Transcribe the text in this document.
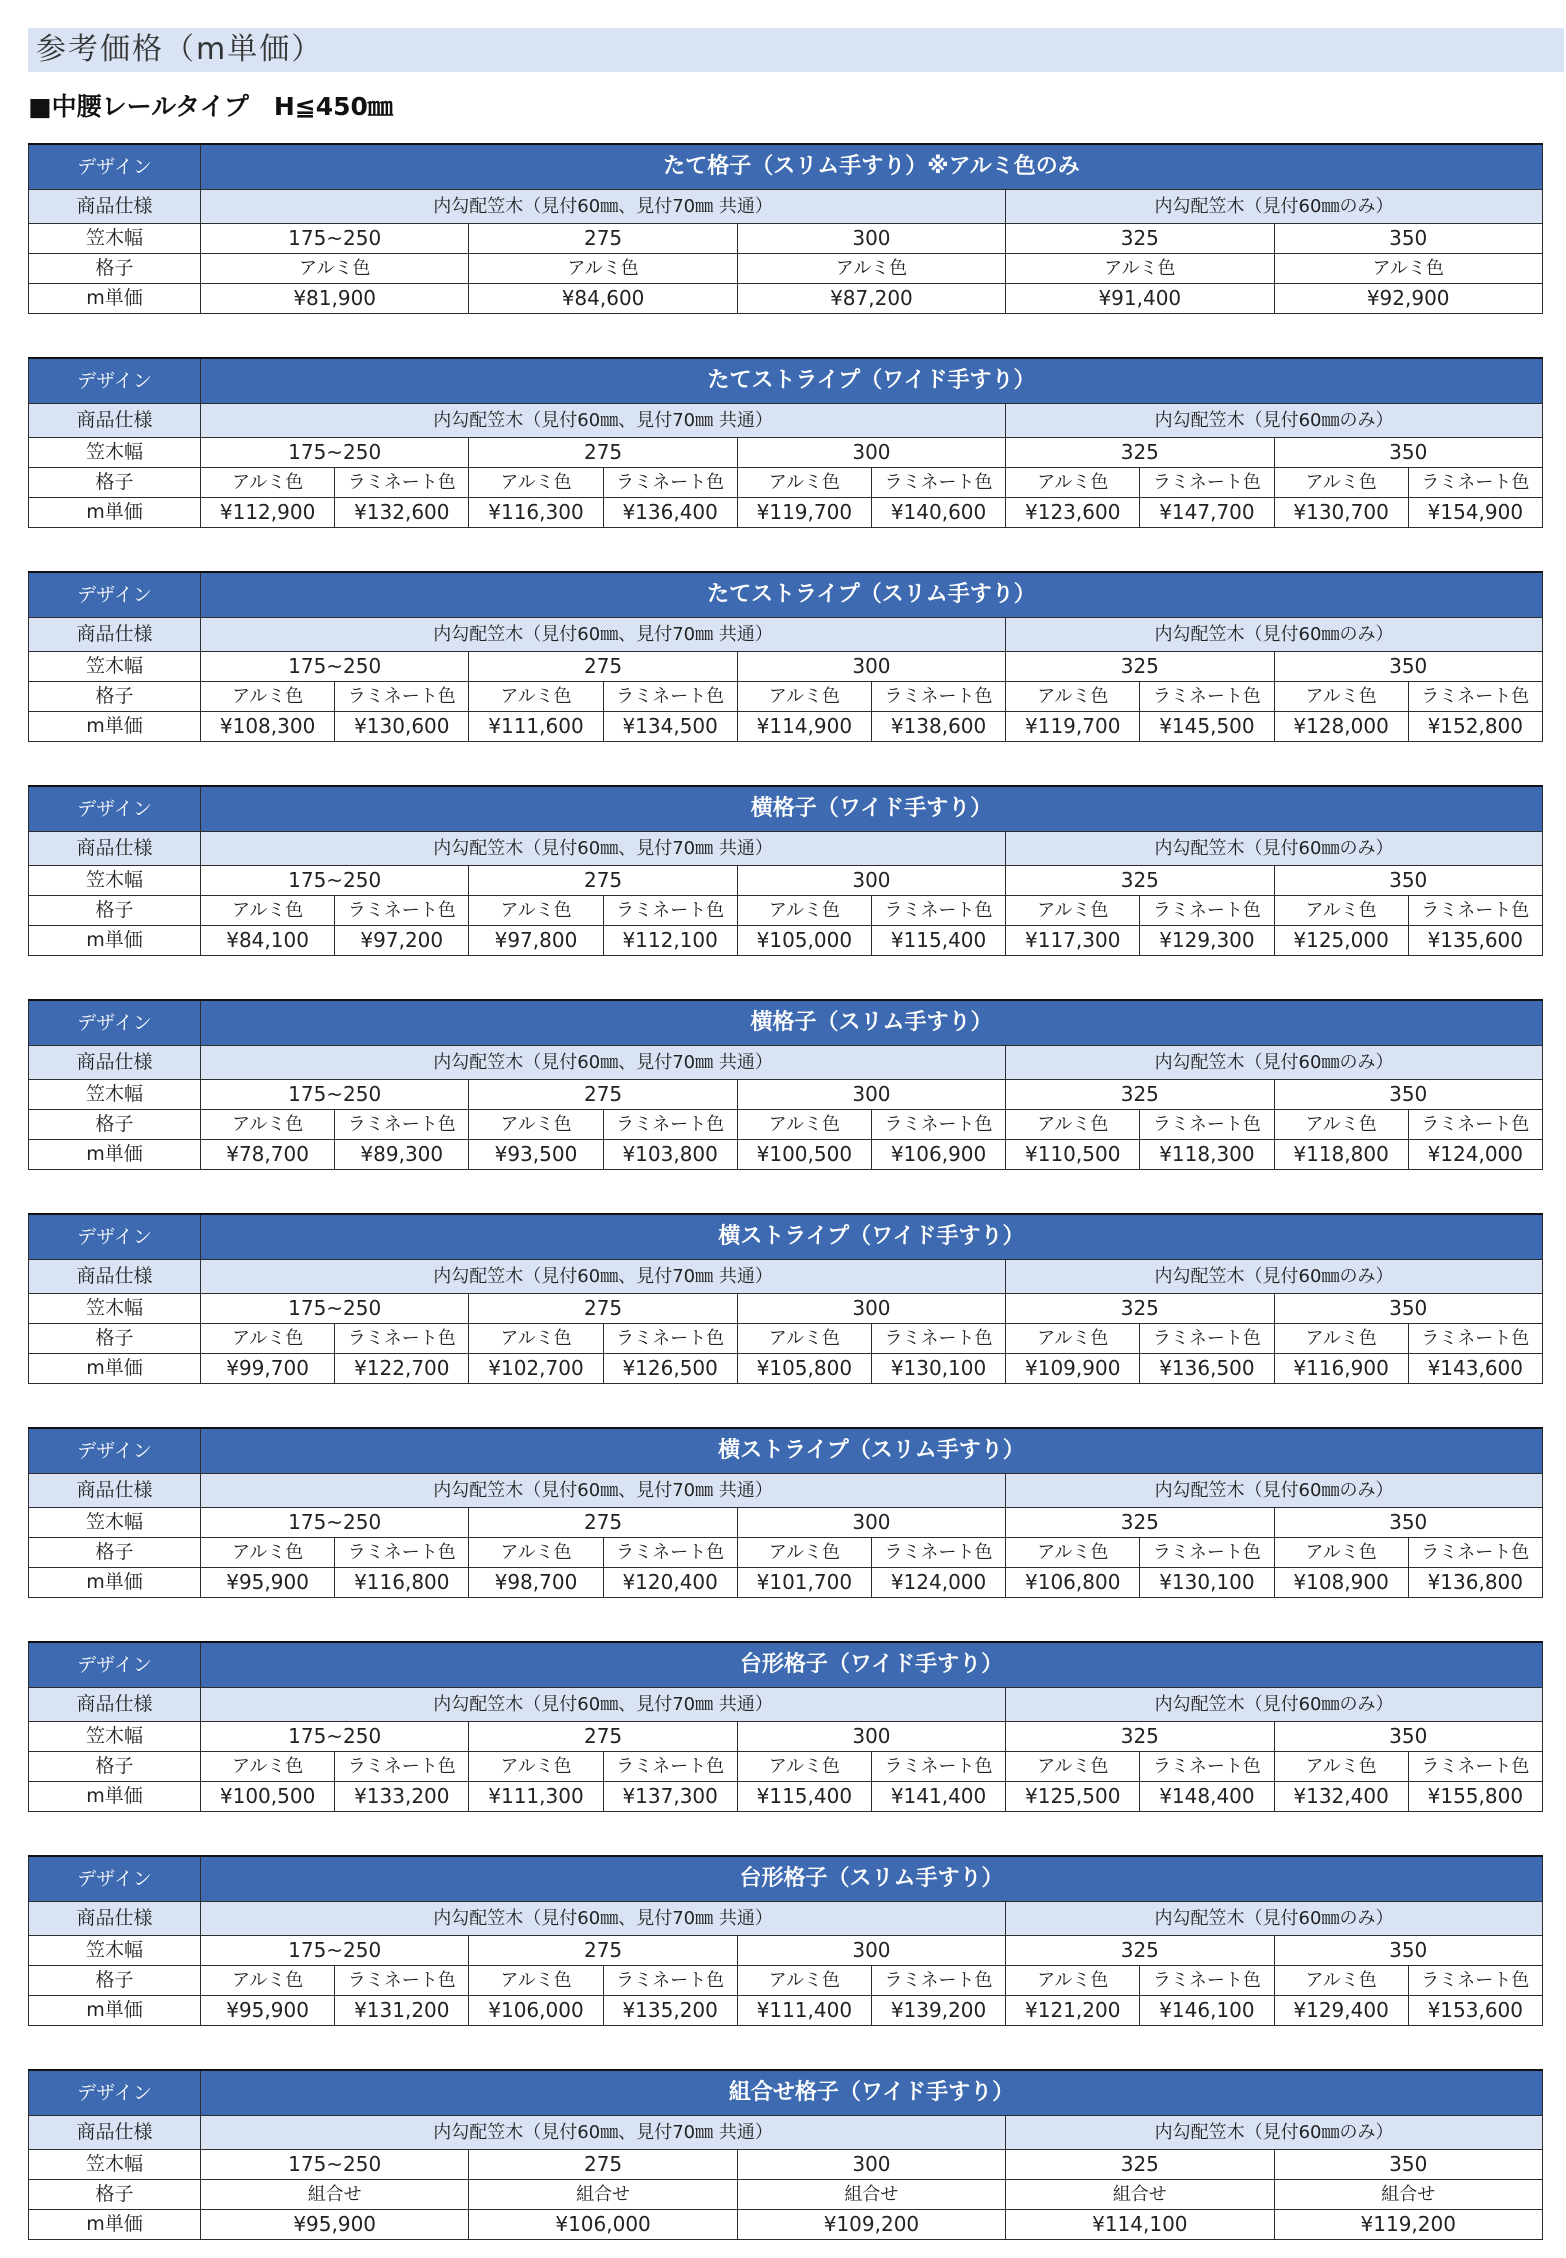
参考価格（m単価）
■中腰レールタイプ　H≦450㎜
デザイン	たて格子（スリム手すり）※アルミ色のみ				
商品仕様	内勾配笠木（見付60㎜、見付70㎜ 共通）			内勾配笠木（見付60㎜のみ）	
笠木幅	175~250	275	300	325	350
格子	アルミ色	アルミ色	アルミ色	アルミ色	アルミ色
m単価	¥81,900	¥84,600	¥87,200	¥91,400	¥92,900
デザイン	たてストライプ（ワイド手すり）									
商品仕様	内勾配笠木（見付60㎜、見付70㎜ 共通）						内勾配笠木（見付60㎜のみ）			
笠木幅	175~250		275		300		325		350	
格子	アルミ色	ラミネート色	アルミ色	ラミネート色	アルミ色	ラミネート色	アルミ色	ラミネート色	アルミ色	ラミネート色
m単価	¥112,900	¥132,600	¥116,300	¥136,400	¥119,700	¥140,600	¥123,600	¥147,700	¥130,700	¥154,900
デザイン	たてストライプ（スリム手すり）									
商品仕様	内勾配笠木（見付60㎜、見付70㎜ 共通）						内勾配笠木（見付60㎜のみ）			
笠木幅	175~250		275		300		325		350	
格子	アルミ色	ラミネート色	アルミ色	ラミネート色	アルミ色	ラミネート色	アルミ色	ラミネート色	アルミ色	ラミネート色
m単価	¥108,300	¥130,600	¥111,600	¥134,500	¥114,900	¥138,600	¥119,700	¥145,500	¥128,000	¥152,800
デザイン	横格子（ワイド手すり）									
商品仕様	内勾配笠木（見付60㎜、見付70㎜ 共通）						内勾配笠木（見付60㎜のみ）			
笠木幅	175~250		275		300		325		350	
格子	アルミ色	ラミネート色	アルミ色	ラミネート色	アルミ色	ラミネート色	アルミ色	ラミネート色	アルミ色	ラミネート色
m単価	¥84,100	¥97,200	¥97,800	¥112,100	¥105,000	¥115,400	¥117,300	¥129,300	¥125,000	¥135,600
デザイン	横格子（スリム手すり）									
商品仕様	内勾配笠木（見付60㎜、見付70㎜ 共通）						内勾配笠木（見付60㎜のみ）			
笠木幅	175~250		275		300		325		350	
格子	アルミ色	ラミネート色	アルミ色	ラミネート色	アルミ色	ラミネート色	アルミ色	ラミネート色	アルミ色	ラミネート色
m単価	¥78,700	¥89,300	¥93,500	¥103,800	¥100,500	¥106,900	¥110,500	¥118,300	¥118,800	¥124,000
デザイン	横ストライプ（ワイド手すり）									
商品仕様	内勾配笠木（見付60㎜、見付70㎜ 共通）						内勾配笠木（見付60㎜のみ）			
笠木幅	175~250		275		300		325		350	
格子	アルミ色	ラミネート色	アルミ色	ラミネート色	アルミ色	ラミネート色	アルミ色	ラミネート色	アルミ色	ラミネート色
m単価	¥99,700	¥122,700	¥102,700	¥126,500	¥105,800	¥130,100	¥109,900	¥136,500	¥116,900	¥143,600
デザイン	横ストライプ（スリム手すり）									
商品仕様	内勾配笠木（見付60㎜、見付70㎜ 共通）						内勾配笠木（見付60㎜のみ）			
笠木幅	175~250		275		300		325		350	
格子	アルミ色	ラミネート色	アルミ色	ラミネート色	アルミ色	ラミネート色	アルミ色	ラミネート色	アルミ色	ラミネート色
m単価	¥95,900	¥116,800	¥98,700	¥120,400	¥101,700	¥124,000	¥106,800	¥130,100	¥108,900	¥136,800
デザイン	台形格子（ワイド手すり）									
商品仕様	内勾配笠木（見付60㎜、見付70㎜ 共通）						内勾配笠木（見付60㎜のみ）			
笠木幅	175~250		275		300		325		350	
格子	アルミ色	ラミネート色	アルミ色	ラミネート色	アルミ色	ラミネート色	アルミ色	ラミネート色	アルミ色	ラミネート色
m単価	¥100,500	¥133,200	¥111,300	¥137,300	¥115,400	¥141,400	¥125,500	¥148,400	¥132,400	¥155,800
デザイン	台形格子（スリム手すり）									
商品仕様	内勾配笠木（見付60㎜、見付70㎜ 共通）						内勾配笠木（見付60㎜のみ）			
笠木幅	175~250		275		300		325		350	
格子	アルミ色	ラミネート色	アルミ色	ラミネート色	アルミ色	ラミネート色	アルミ色	ラミネート色	アルミ色	ラミネート色
m単価	¥95,900	¥131,200	¥106,000	¥135,200	¥111,400	¥139,200	¥121,200	¥146,100	¥129,400	¥153,600
デザイン	組合せ格子（ワイド手すり）				
商品仕様	内勾配笠木（見付60㎜、見付70㎜ 共通）			内勾配笠木（見付60㎜のみ）	
笠木幅	175~250	275	300	325	350
格子	組合せ	組合せ	組合せ	組合せ	組合せ
m単価	¥95,900	¥106,000	¥109,200	¥114,100	¥119,200
